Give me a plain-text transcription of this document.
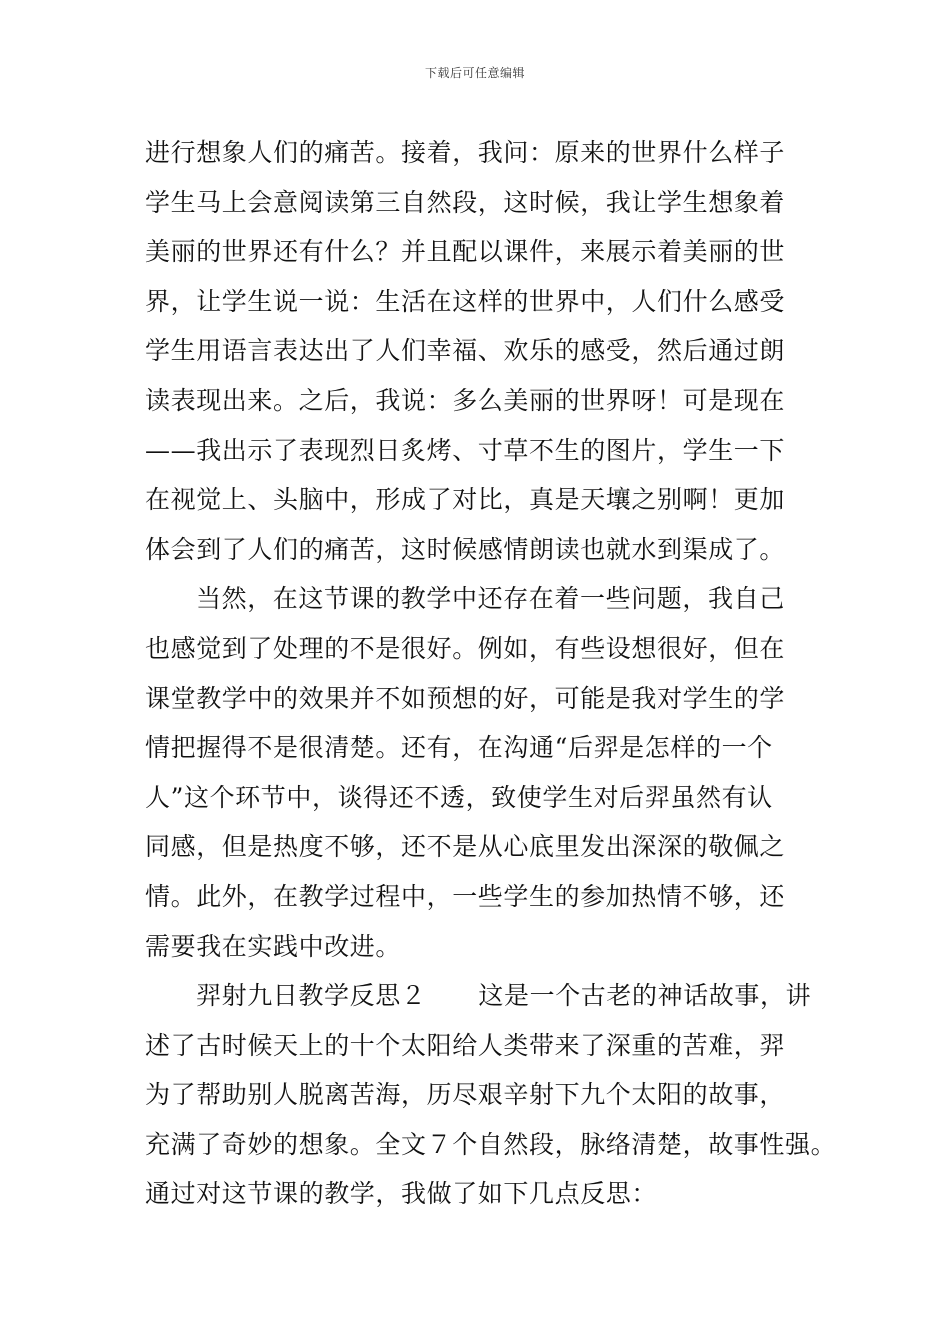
下载后可任意编辑
进行想象人们的痛苦。接着，我问：原来的世界什么样子
学生马上会意阅读第三自然段，这时候，我让学生想象着
美丽的世界还有什么？并且配以课件，来展示着美丽的世
界，让学生说一说：生活在这样的世界中，人们什么感受
学生用语言表达出了人们幸福、欢乐的感受，然后通过朗
读表现出来。之后，我说：多么美丽的世界呀！可是现在
——我出示了表现烈日炙烤、寸草不生的图片，学生一下
在视觉上、头脑中，形成了对比，真是天壤之别啊！更加
体会到了人们的痛苦，这时候感情朗读也就水到渠成了。
当然，在这节课的教学中还存在着一些问题，我自己
也感觉到了处理的不是很好。例如，有些设想很好，但在
课堂教学中的效果并不如预想的好，可能是我对学生的学
情把握得不是很清楚。还有，在沟通“后羿是怎样的一个
人”这个环节中，谈得还不透，致使学生对后羿虽然有认
同感，但是热度不够，还不是从心底里发出深深的敬佩之
情。此外，在教学过程中，一些学生的参加热情不够，还
需要我在实践中改进。
羿射九日教学反思２ 这是一个古老的神话故事，讲
述了古时候天上的十个太阳给人类带来了深重的苦难，羿
为了帮助别人脱离苦海，历尽艰辛射下九个太阳的故事，
充满了奇妙的想象。全文７个自然段，脉络清楚，故事性强。
通过对这节课的教学，我做了如下几点反思：
